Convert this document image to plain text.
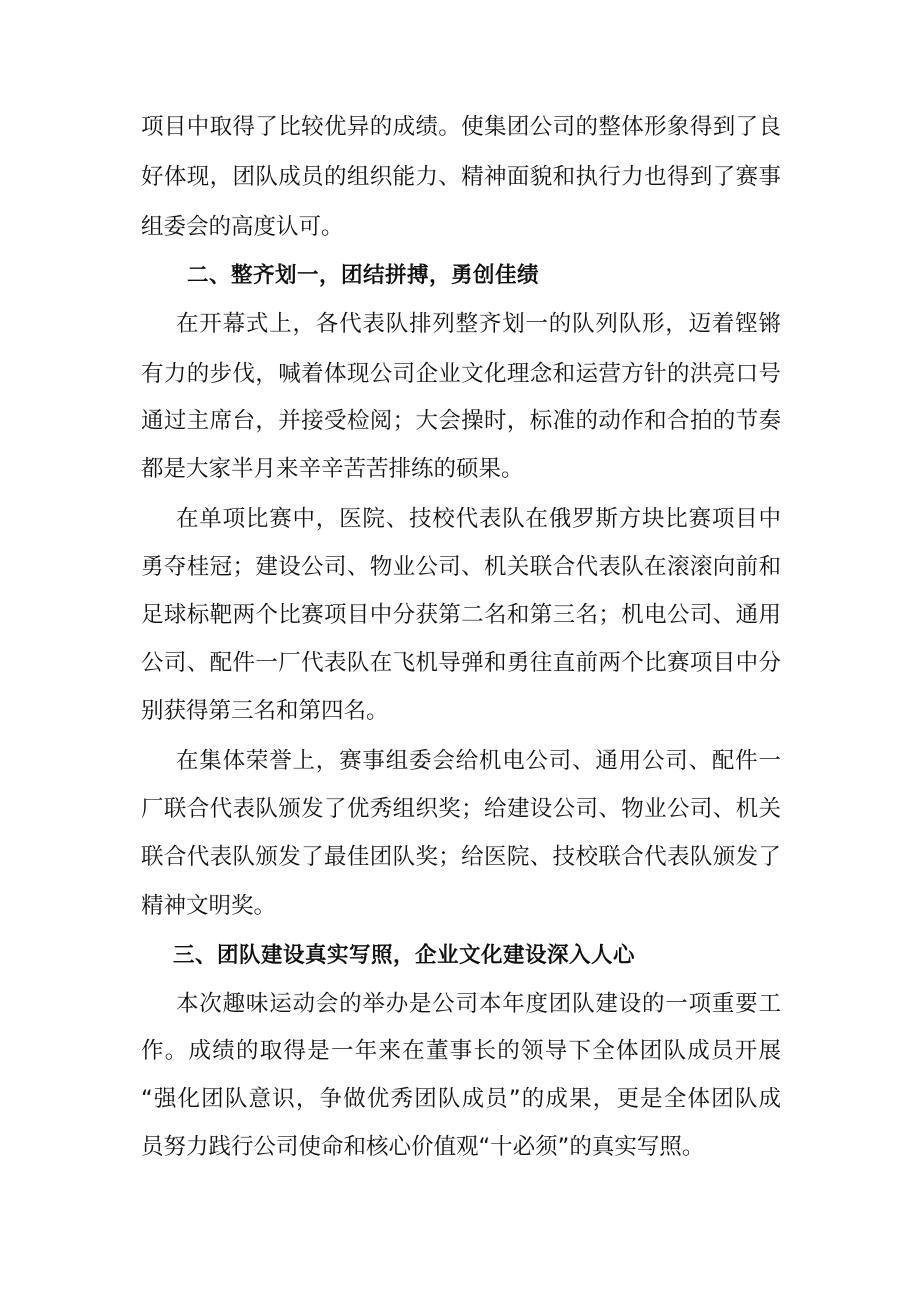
项目中取得了比较优异的成绩。使集团公司的整体形象得到了良
好体现，团队成员的组织能力、精神面貌和执行力也得到了赛事
组委会的高度认可。
二、整齐划一，团结拼搏，勇创佳绩
在开幕式上，各代表队排列整齐划一的队列队形，迈着铿锵
有力的步伐，喊着体现公司企业文化理念和运营方针的洪亮口号
通过主席台，并接受检阅；大会操时，标准的动作和合拍的节奏
都是大家半月来辛辛苦苦排练的硕果。
在单项比赛中，医院、技校代表队在俄罗斯方块比赛项目中
勇夺桂冠；建设公司、物业公司、机关联合代表队在滚滚向前和
足球标靶两个比赛项目中分获第二名和第三名；机电公司、通用
公司、配件一厂代表队在飞机导弹和勇往直前两个比赛项目中分
别获得第三名和第四名。
在集体荣誉上，赛事组委会给机电公司、通用公司、配件一
厂联合代表队颁发了优秀组织奖；给建设公司、物业公司、机关
联合代表队颁发了最佳团队奖；给医院、技校联合代表队颁发了
精神文明奖。
三、团队建设真实写照，企业文化建设深入人心
本次趣味运动会的举办是公司本年度团队建设的一项重要工
作。成绩的取得是一年来在董事长的领导下全体团队成员开展
“强化团队意识，争做优秀团队成员”的成果，更是全体团队成
员努力践行公司使命和核心价值观“十必须”的真实写照。
